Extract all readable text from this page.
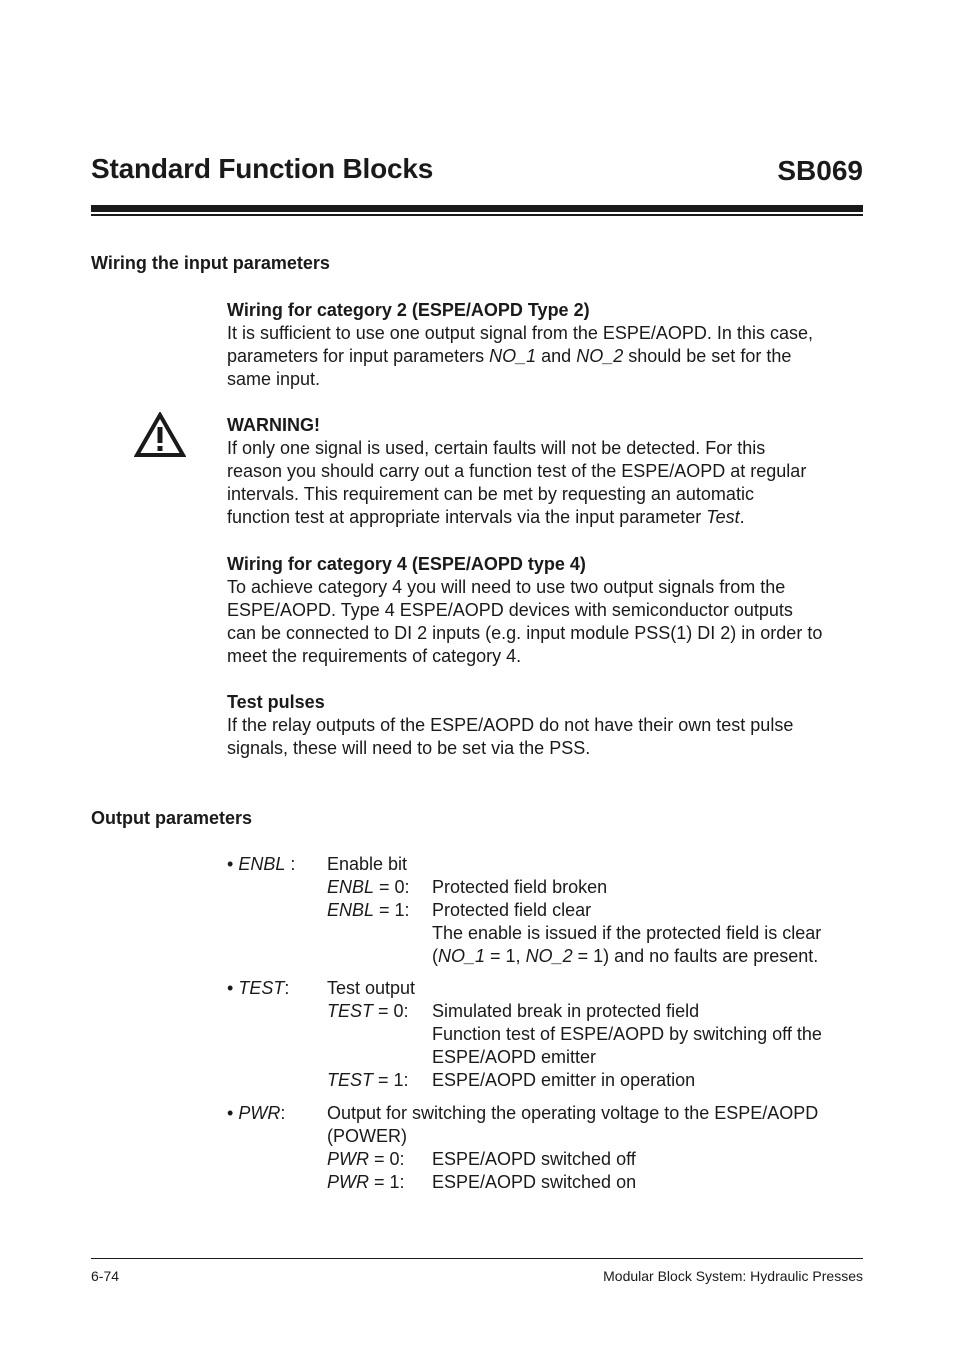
Standard Function Blocks	SB069
Wiring the input parameters
Wiring for category 2 (ESPE/AOPD Type 2)
It is sufficient to use one output signal from the ESPE/AOPD. In this case,
parameters for input parameters NO_1 and NO_2 should be set for the
same input.
WARNING!
If only one signal is used, certain faults will not be detected. For this
reason you should carry out a function test of the ESPE/AOPD at regular
intervals. This requirement can be met by requesting an automatic
function test at appropriate intervals via the input parameter Test.
Wiring for category 4 (ESPE/AOPD type 4)
To achieve category 4 you will need to use two output signals from the
ESPE/AOPD. Type 4 ESPE/AOPD devices with semiconductor outputs
can be connected to DI 2 inputs (e.g. input module PSS(1) DI 2) in order to
meet the requirements of category 4.
Test pulses
If the relay outputs of the ESPE/AOPD do not have their own test pulse
signals, these will need to be set via the PSS.
Output parameters
• ENBL : Enable bit
ENBL = 0: Protected field broken
ENBL = 1: Protected field clear
The enable is issued if the protected field is clear
(NO_1 = 1, NO_2 = 1) and no faults are present.
• TEST: Test output
TEST = 0: Simulated break in protected field
Function test of ESPE/AOPD by switching off the
ESPE/AOPD emitter
TEST = 1: ESPE/AOPD emitter in operation
• PWR: Output for switching the operating voltage to the ESPE/AOPD
(POWER)
PWR = 0: ESPE/AOPD switched off
PWR = 1: ESPE/AOPD switched on
6-74	Modular Block System: Hydraulic Presses
